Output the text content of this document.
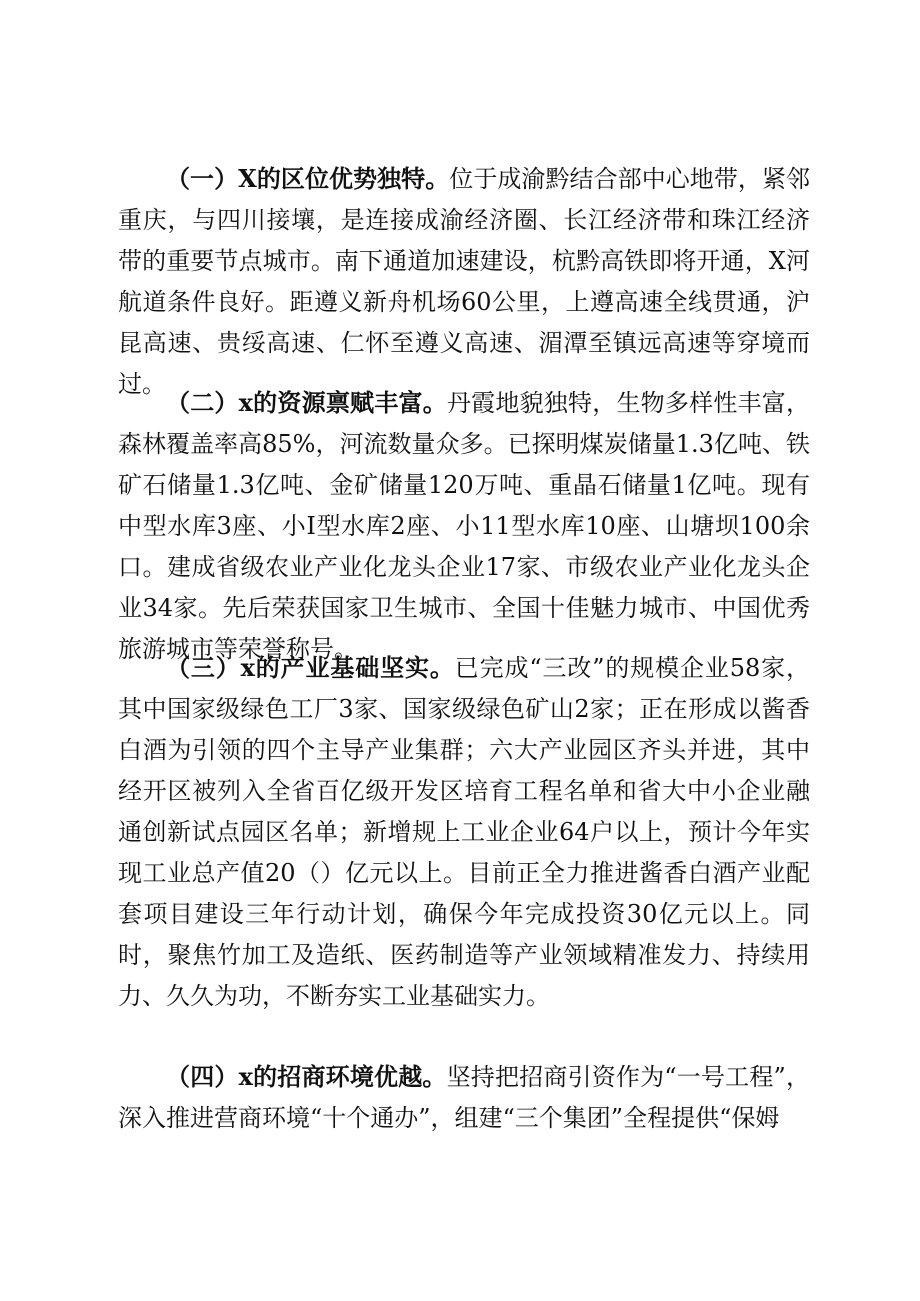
（一）X的区位优势独特。位于成渝黔结合部中心地带，紧邻重庆，与四川接壤，是连接成渝经济圈、长江经济带和珠江经济带的重要节点城市。南下通道加速建设，杭黔高铁即将开通，X河航道条件良好。距遵义新舟机场60公里，上遵高速全线贯通，沪昆高速、贵绥高速、仁怀至遵义高速、湄潭至镇远高速等穿境而过。

（二）x的资源禀赋丰富。丹霞地貌独特，生物多样性丰富，森林覆盖率高85%，河流数量众多。已探明煤炭储量1.3亿吨、铁矿石储量1.3亿吨、金矿储量120万吨、重晶石储量1亿吨。现有中型水库3座、小I型水库2座、小11型水库10座、山塘坝100余口。建成省级农业产业化龙头企业17家、市级农业产业化龙头企业34家。先后荣获国家卫生城市、全国十佳魅力城市、中国优秀旅游城市等荣誉称号。

（三）x的产业基础坚实。已完成“三改”的规模企业58家，其中国家级绿色工厂3家、国家级绿色矿山2家；正在形成以酱香白酒为引领的四个主导产业集群；六大产业园区齐头并进，其中经开区被列入全省百亿级开发区培育工程名单和省大中小企业融通创新试点园区名单；新增规上工业企业64户以上，预计今年实现工业总产值20（）亿元以上。目前正全力推进酱香白酒产业配套项目建设三年行动计划，确保今年完成投资30亿元以上。同时，聚焦竹加工及造纸、医药制造等产业领域精准发力、持续用力、久久为功，不断夯实工业基础实力。

（四）x的招商环境优越。坚持把招商引资作为“一号工程”，深入推进营商环境“十个通办”，组建“三个集团”全程提供“保姆
